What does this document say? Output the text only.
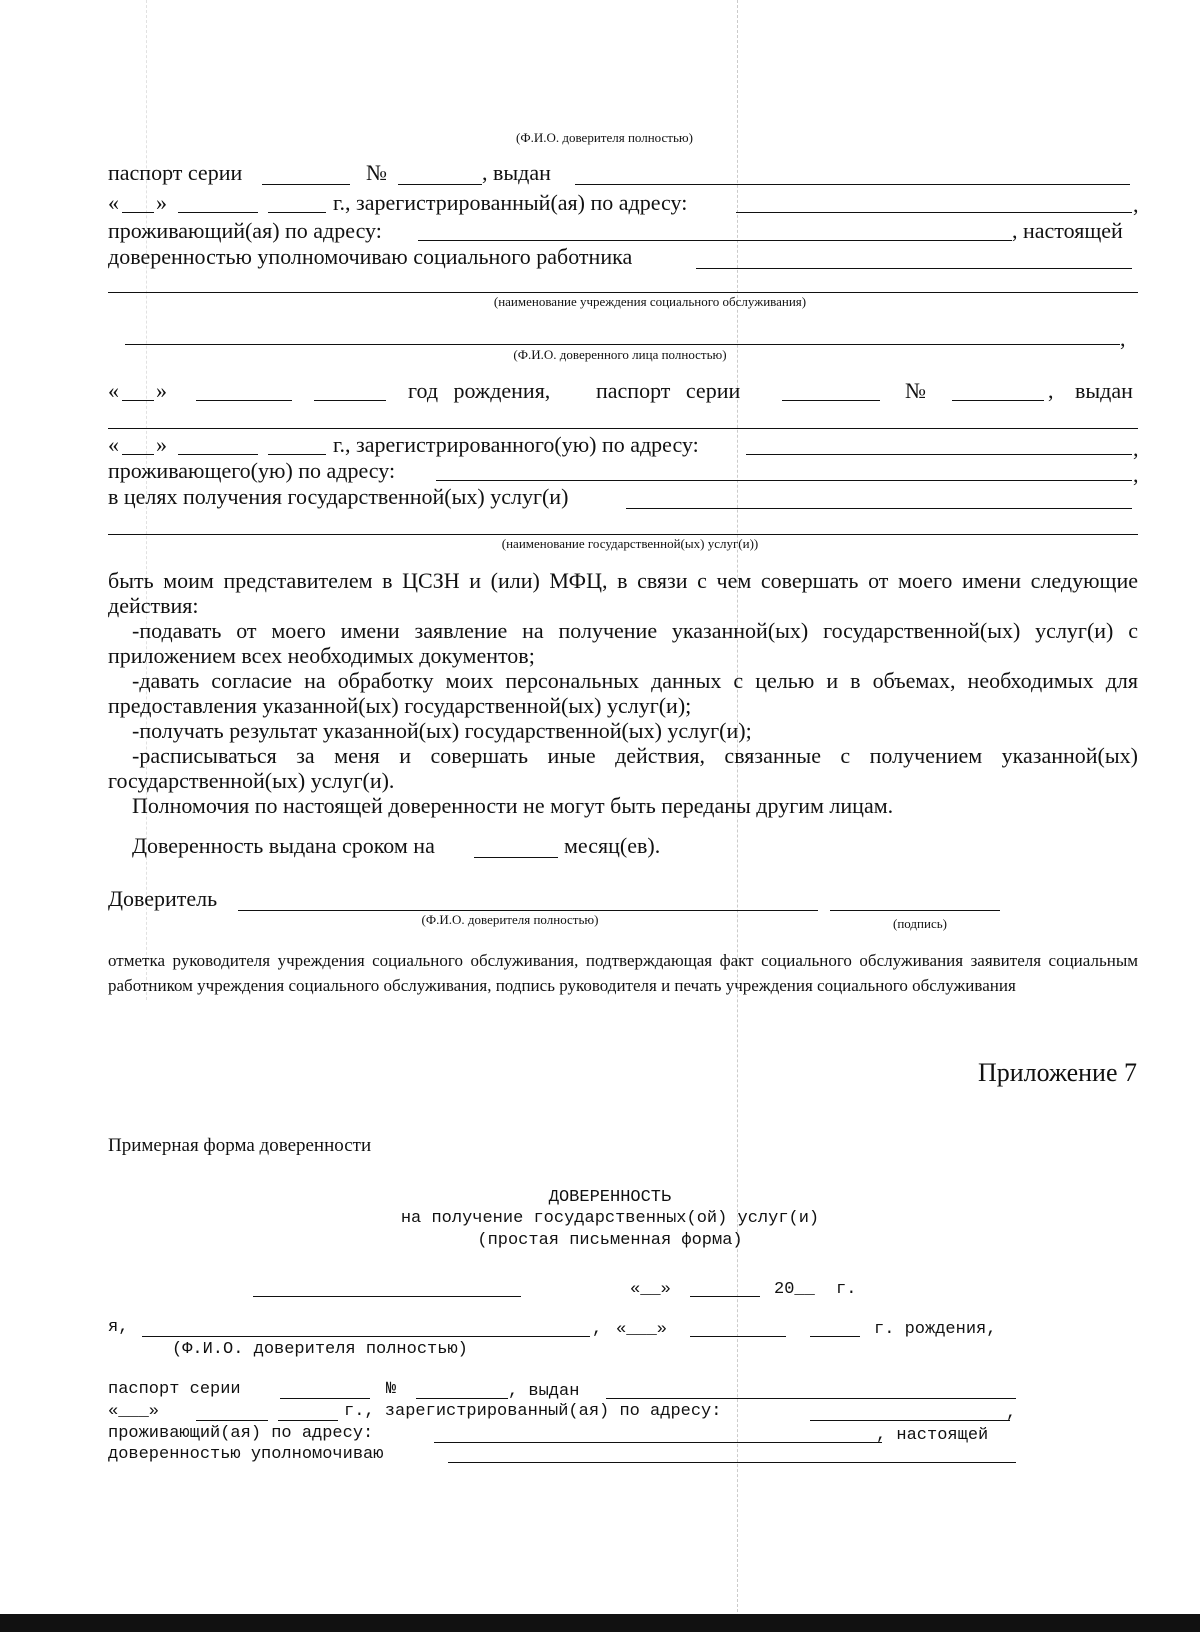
(Ф.И.О. доверителя полностью)
паспорт серии	№	, выдан
« »	г., зарегистрированный(ая) по адресу:	,
проживающий(ая) по адресу:	, настоящей
доверенностью уполномочиваю социального работника
(наименование учреждения социального обслуживания)
,
(Ф.И.О. доверенного лица полностью)
« »	год рождения, паспорт серии	№	, выдан
« »	г., зарегистрированного(ую) по адресу:	,
проживающего(ую) по адресу:	,
в целях получения государственной(ых) услуг(и)
(наименование государственной(ых) услуг(и))

быть моим представителем в ЦСЗН и (или) МФЦ, в связи с чем совершать от моего имени следующие действия:

-подавать от моего имени заявление на получение указанной(ых) государственной(ых) услуг(и) с приложением всех необходимых документов;

-давать согласие на обработку моих персональных данных с целью и в объемах, необходимых для предоставления указанной(ых) государственной(ых) услуг(и);

-получать результат указанной(ых) государственной(ых) услуг(и);

-расписываться за меня и совершать иные действия, связанные с получением указанной(ых) государственной(ых) услуг(и).

Полномочия по настоящей доверенности не могут быть переданы другим лицам.

Доверенность выдана сроком на	месяц(ев).
Доверитель
(Ф.И.О. доверителя полностью)	(подпись)

отметка руководителя учреждения социального обслуживания, подтверждающая факт социального обслуживания заявителя социальным работником учреждения социального обслуживания, подпись руководителя и печать учреждения социального обслуживания

Приложение 7
Примерная форма доверенности
ДОВЕРЕННОСТЬ
на получение государственных(ой) услуг(и)
(простая письменная форма)
«__»	20__ г.
я,	, «___»	г. рождения,
(Ф.И.О. доверителя полностью)
паспорт серии	№	, выдан
«___»	г., зарегистрированный(ая) по адресу:	,
проживающий(ая) по адресу:	, настоящей
доверенностью уполномочиваю
